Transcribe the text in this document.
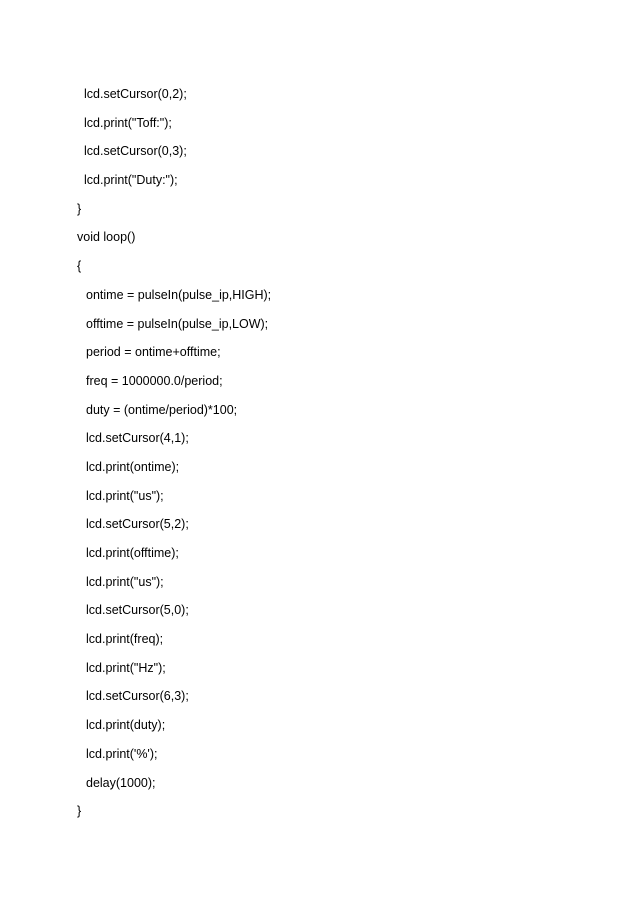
lcd.setCursor(0,2);
lcd.print("Toff:");
lcd.setCursor(0,3);
lcd.print("Duty:");
}
void loop()
{
ontime = pulseIn(pulse_ip,HIGH);
offtime = pulseIn(pulse_ip,LOW);
period = ontime+offtime;
freq = 1000000.0/period;
duty = (ontime/period)*100;
lcd.setCursor(4,1);
lcd.print(ontime);
lcd.print("us");
lcd.setCursor(5,2);
lcd.print(offtime);
lcd.print("us");
lcd.setCursor(5,0);
lcd.print(freq);
lcd.print("Hz");
lcd.setCursor(6,3);
lcd.print(duty);
lcd.print('%');
delay(1000);
}
